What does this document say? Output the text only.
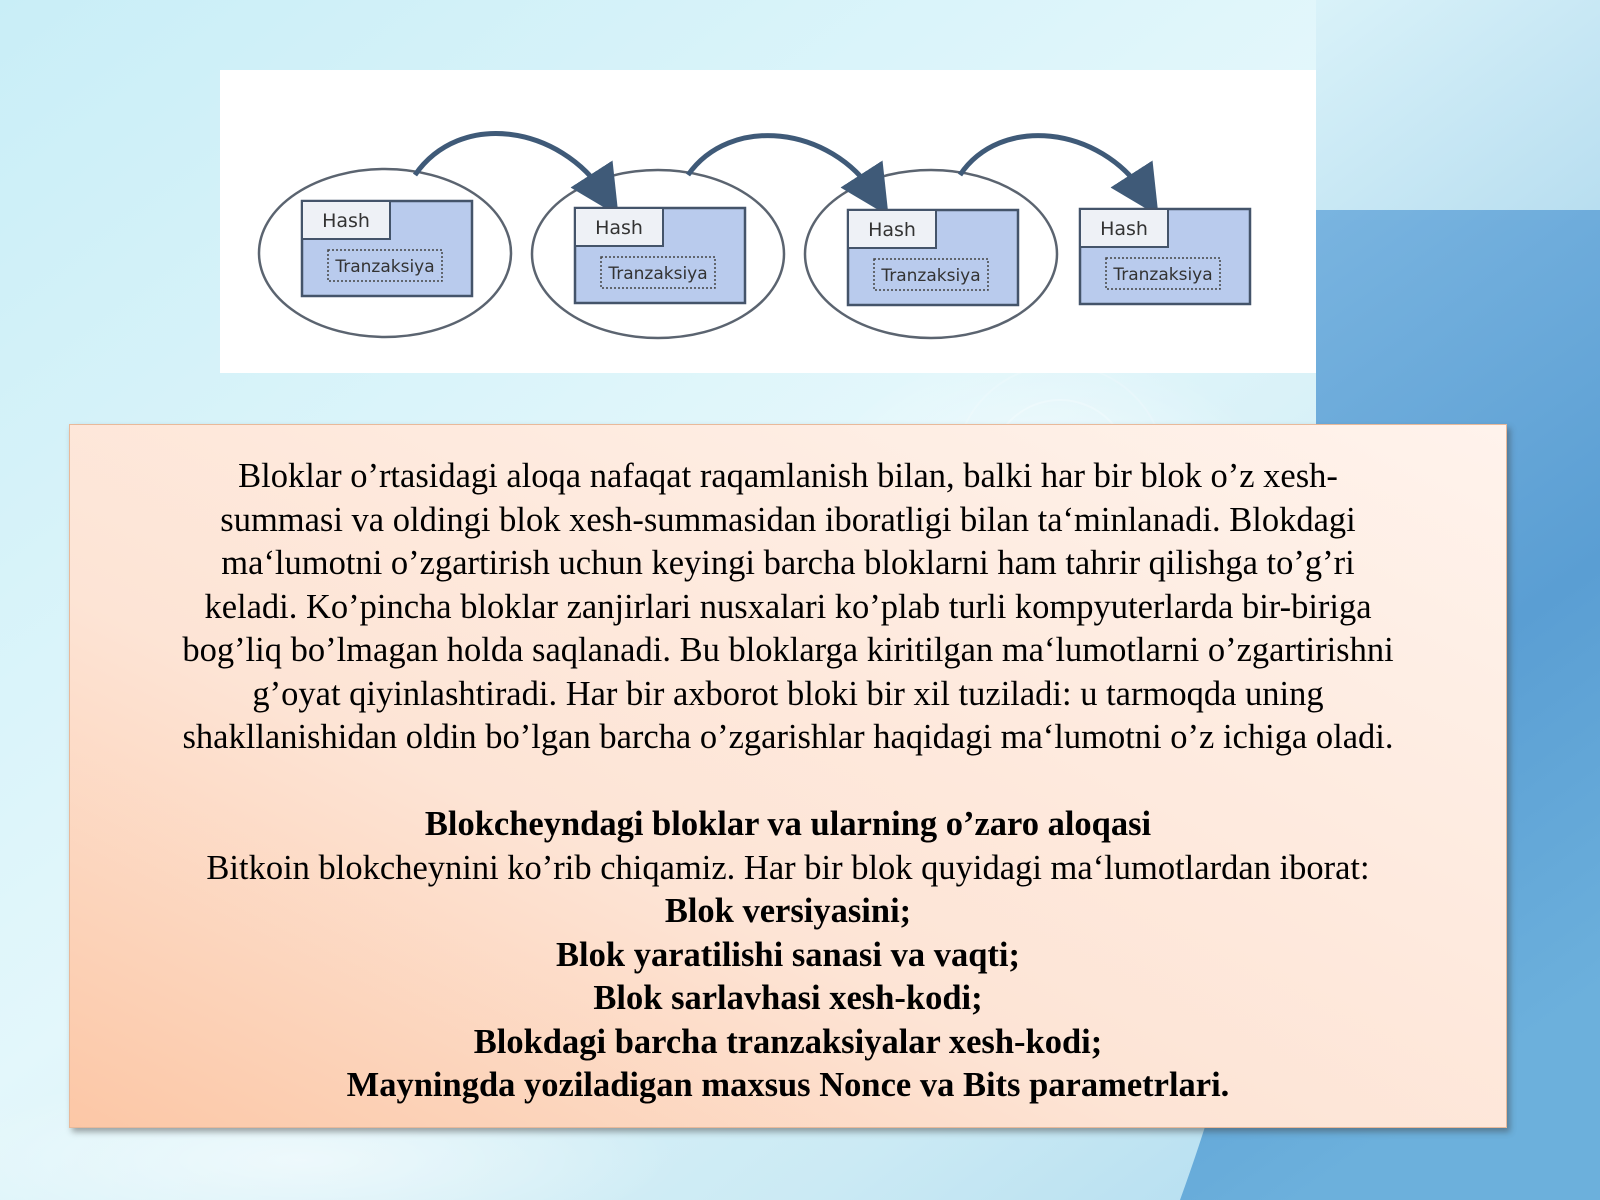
Hash
Tranzaksiya
Hash
Tranzaksiya
Hash
Tranzaksiya
Hash
Tranzaksiya

Bloklar o’rtasidagi aloqa nafaqat raqamlanish bilan, balki har bir blok o’z xesh-
summasi va oldingi blok xesh-summasidan iboratligi bilan ta‘minlanadi. Blokdagi
ma‘lumotni o’zgartirish uchun keyingi barcha bloklarni ham tahrir qilishga to’g’ri
keladi. Ko’pincha bloklar zanjirlari nusxalari ko’plab turli kompyuterlarda bir-biriga
bog’liq bo’lmagan holda saqlanadi. Bu bloklarga kiritilgan ma‘lumotlarni o’zgartirishni
g’oyat qiyinlashtiradi. Har bir axborot bloki bir xil tuziladi: u tarmoqda uning
shakllanishidan oldin bo’lgan barcha o’zgarishlar haqidagi ma‘lumotni o’z ichiga oladi.

Blokcheyndagi bloklar va ularning o’zaro aloqasi

Bitkoin blokcheynini ko’rib chiqamiz. Har bir blok quyidagi ma‘lumotlardan iborat:

Blok versiyasini;
Blok yaratilishi sanasi va vaqti;
Blok sarlavhasi xesh-kodi;
Blokdagi barcha tranzaksiyalar xesh-kodi;
Mayningda yoziladigan maxsus Nonce va Bits parametrlari.
